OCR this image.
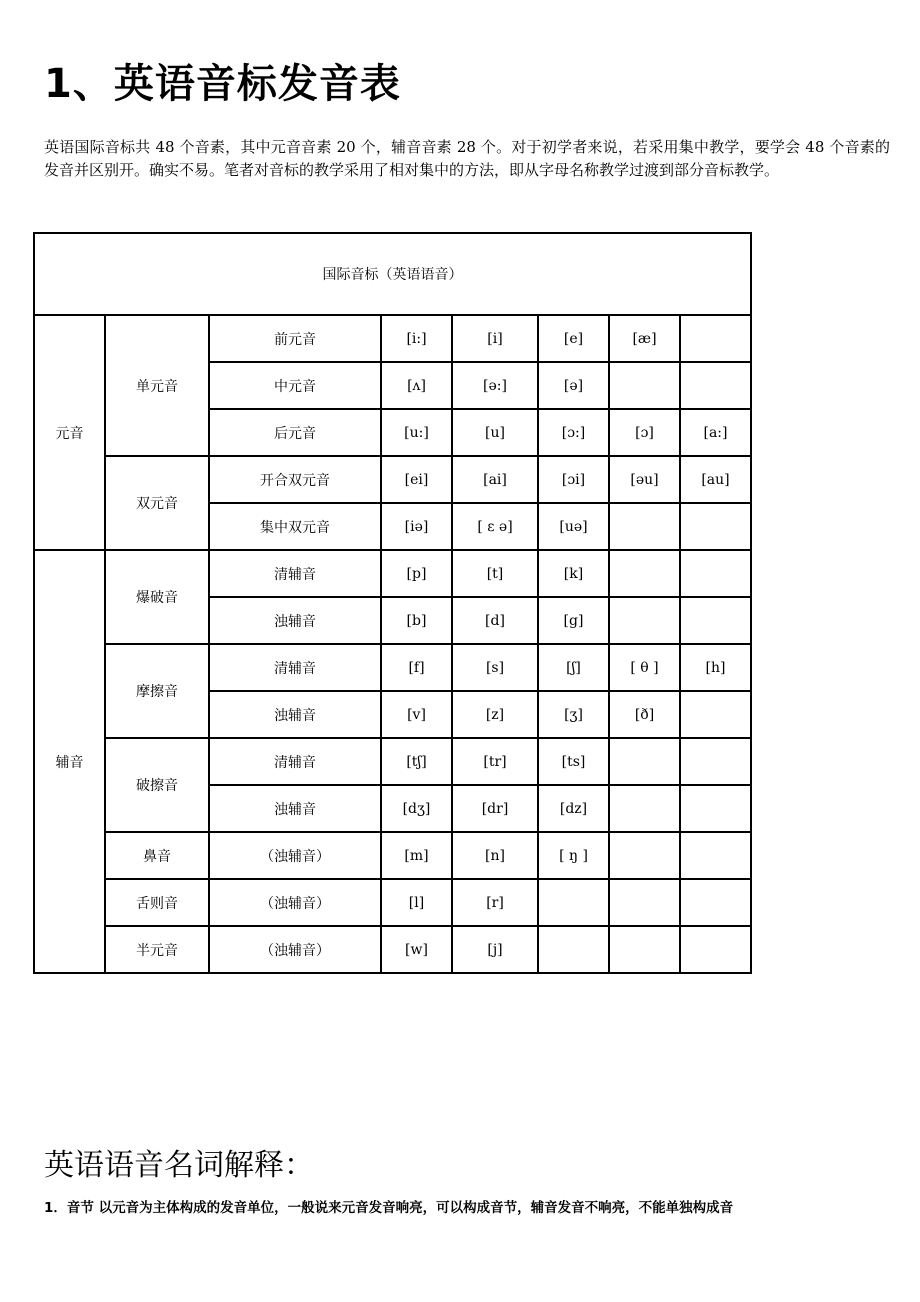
1、英语音标发音表
英语国际音标共 48 个音素，其中元音音素 20 个，辅音音素 28 个。对于初学者来说，若采用集中教学，要学会 48 个音素的发音并区别开。确实不易。笔者对音标的教学采用了相对集中的方法，即从字母名称教学过渡到部分音标教学。
国际音标（英语语音）							
元音	单元音	前元音	[i:]	[i]	[e]	[æ]	
		中元音	[ʌ]	[ə:]	[ə]		
		后元音	[u:]	[u]	[ɔ:]	[ɔ]	[a:]
	双元音	开合双元音	[ei]	[ai]	[ɔi]	[əu]	[au]
		集中双元音	[iə]	[ ε ə]	[uə]		
辅音	爆破音	清辅音	[p]	[t]	[k]		
		浊辅音	[b]	[d]	[g]		
	摩擦音	清辅音	[f]	[s]	[ʃ]	[ θ ]	[h]
		浊辅音	[v]	[z]	[ʒ]	[ð]	
	破擦音	清辅音	[tʃ]	[tr]	[ts]		
		浊辅音	[dʒ]	[dr]	[dz]		
	鼻音	（浊辅音）	[m]	[n]	[ ŋ ]		
	舌则音	（浊辅音）	[l]	[r]			
	半元音	（浊辅音）	[w]	[j]			
英语语音名词解释：
1．音节 以元音为主体构成的发音单位，一般说来元音发音响亮，可以构成音节，辅音发音不响亮，不能单独构成音
